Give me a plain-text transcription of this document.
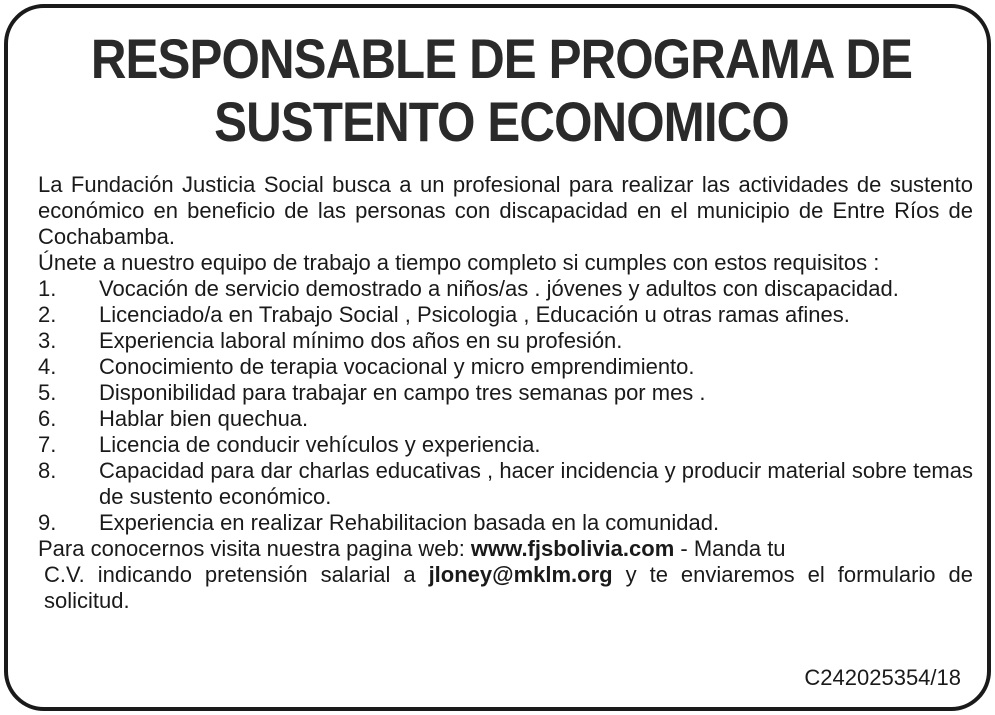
RESPONSABLE DE PROGRAMA DE
SUSTENTO ECONOMICO

La Fundación Justicia Social busca a un profesional para realizar las actividades de sustento económico en beneficio de las personas con discapacidad en el municipio de Entre Ríos de Cochabamba.

Únete a nuestro equipo de trabajo a tiempo completo si cumples con estos requisitos :

1. Vocación de servicio demostrado a niños/as . jóvenes y adultos con discapacidad.
2. Licenciado/a en Trabajo Social , Psicologia , Educación u otras ramas afines.
3. Experiencia laboral mínimo dos años en su profesión.
4. Conocimiento de terapia vocacional y micro emprendimiento.
5. Disponibilidad para trabajar en campo tres semanas por mes .
6. Hablar bien quechua.
7. Licencia de conducir vehículos y experiencia.
8. Capacidad para dar charlas educativas , hacer incidencia y producir material sobre temas de sustento económico.
9. Experiencia en realizar Rehabilitacion basada en la comunidad.

Para conocernos visita nuestra pagina web: www.fjsbolivia.com - Manda tu

C.V. indicando pretensión salarial a jloney@mklm.org y te enviaremos el formulario de solicitud.

C242025354/18
